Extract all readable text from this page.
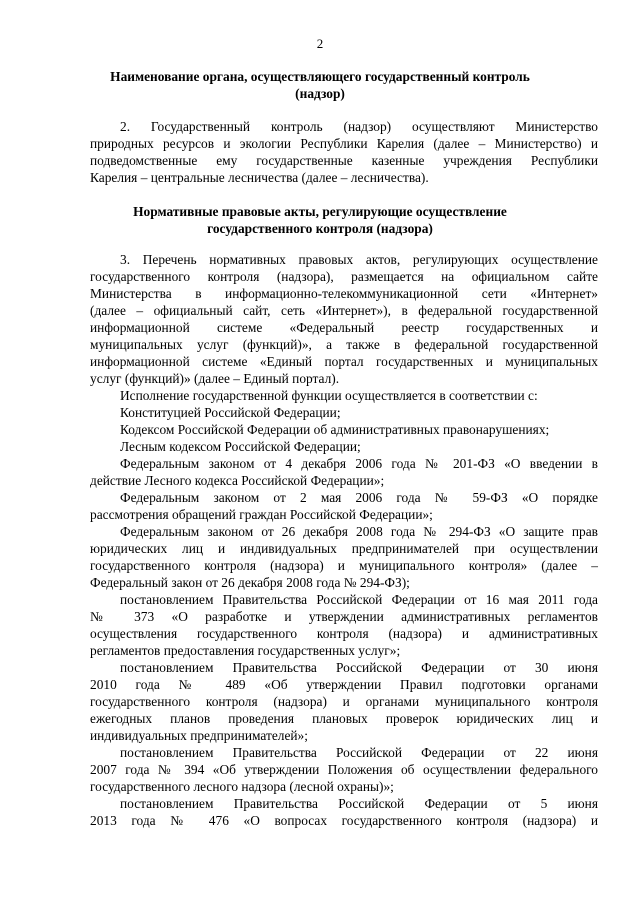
2
Наименование органа, осуществляющего государственный контроль
(надзор)
2. Государственный контроль (надзор) осуществляют Министерство
природных ресурсов и экологии Республики Карелия (далее – Министерство) и
подведомственные ему государственные казенные учреждения Республики
Карелия – центральные лесничества (далее – лесничества).
Нормативные правовые акты, регулирующие осуществление
государственного контроля (надзора)
3. Перечень нормативных правовых актов, регулирующих осуществление
государственного контроля (надзора), размещается на официальном сайте
Министерства в информационно-телекоммуникационной сети «Интернет»
(далее – официальный сайт, сеть «Интернет»), в федеральной государственной
информационной системе «Федеральный реестр государственных и
муниципальных услуг (функций)», а также в федеральной государственной
информационной системе «Единый портал государственных и муниципальных
услуг (функций)» (далее – Единый портал).
Исполнение государственной функции осуществляется в соответствии с:
Конституцией Российской Федерации;
Кодексом Российской Федерации об административных правонарушениях;
Лесным кодексом Российской Федерации;
Федеральным законом от 4 декабря 2006 года № 201-ФЗ «О введении в
действие Лесного кодекса Российской Федерации»;
Федеральным законом от 2 мая 2006 года № 59-ФЗ «О порядке
рассмотрения обращений граждан Российской Федерации»;
Федеральным законом от 26 декабря 2008 года № 294-ФЗ «О защите прав
юридических лиц и индивидуальных предпринимателей при осуществлении
государственного контроля (надзора) и муниципального контроля» (далее –
Федеральный закон от 26 декабря 2008 года № 294-ФЗ);
постановлением Правительства Российской Федерации от 16 мая 2011 года
№ 373 «О разработке и утверждении административных регламентов
осуществления государственного контроля (надзора) и административных
регламентов предоставления государственных услуг»;
постановлением Правительства Российской Федерации от 30 июня
2010 года № 489 «Об утверждении Правил подготовки органами
государственного контроля (надзора) и органами муниципального контроля
ежегодных планов проведения плановых проверок юридических лиц и
индивидуальных предпринимателей»;
постановлением Правительства Российской Федерации от 22 июня
2007 года № 394 «Об утверждении Положения об осуществлении федерального
государственного лесного надзора (лесной охраны)»;
постановлением Правительства Российской Федерации от 5 июня
2013 года № 476 «О вопросах государственного контроля (надзора) и
